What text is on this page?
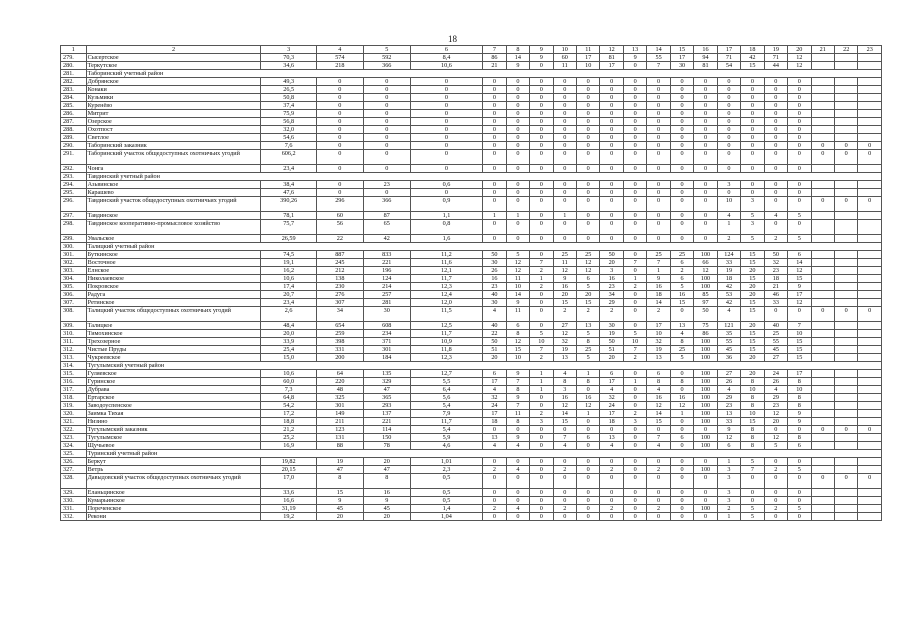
18
1	2	3	4	5	6	7	8	9	10	11	12	13	14	15	16	17	18	19	20	21	22	23
279.	Сысертское	70,3	574	592	8,4	86	14	9	60	17	81	9	55	17	94	71	42	71	12			
280.	Теркутское	34,6	218	366	10,6	21	9	0	11	10	17	0	7	30	81	54	15	44	12			
281.	Таборинский учетный район																					
282.	Добрянское	49,3	0	0	0	0	0	0	0	0	0	0	0	0	0	0	0	0	0			
283.	Конаки	26,5	0	0	0	0	0	0	0	0	0	0	0	0	0	0	0	0	0			
284.	Кузьмики	50,8	0	0	0	0	0	0	0	0	0	0	0	0	0	0	0	0	0			
285.	Куренёво	37,4	0	0	0	0	0	0	0	0	0	0	0	0	0	0	0	0	0			
286.	Митрит	75,9	0	0	0	0	0	0	0	0	0	0	0	0	0	0	0	0	0			
287.	Озерское	56,8	0	0	0	0	0	0	0	0	0	0	0	0	0	0	0	0	0			
288.	Охотпост	32,0	0	0	0	0	0	0	0	0	0	0	0	0	0	0	0	0	0			
289.	Светлое	54,6	0	0	0	0	0	0	0	0	0	0	0	0	0	0	0	0	0			
290.	Таборинский заказник	7,6	0	0	0	0	0	0	0	0	0	0	0	0	0	0	0	0	0	0	0	0
291.	Таборинский участок общедоступных охотничьих угодий	606,2	0	0	0	0	0	0	0	0	0	0	0	0	0	0	0	0	0	0	0	0
292.	Чонга	23,4	0	0	0	0	0	0	0	0	0	0	0	0	0	0	0	0	0			
293.	Тавдинский учетный район																					
294.	Азьвинское	38,4	0	23	0,6	0	0	0	0	0	0	0	0	0	0	3	0	0	0			
295.	Карашево	47,6	0	0	0	0	0	0	0	0	0	0	0	0	0	0	0	0	0			
296.	Тавдинский участок общедоступных охотничьих угодий	390,26	296	366	0,9	0	0	0	0	0	0	0	0	0	0	10	3	0	0	0	0	0
297.	Тавдинское	78,1	60	87	1,1	1	1	0	1	0	0	0	0	0	0	4	5	4	5			
298.	Тавдинское кооперативно-промысловое хозяйство	75,7	56	65	0,8	0	0	0	0	0	0	0	0	0	0	1	3	0	0			
299.	Увальское	26,59	22	42	1,6	0	0	0	0	0	0	0	0	0	0	2	5	2	5			
300.	Талицкий учетный район																					
301.	Буткинское	74,5	887	833	11,2	50	5	0	25	25	50	0	25	25	100	124	15	50	6			
302.	Восточное	19,1	245	221	11,6	30	12	7	11	12	20	7	7	6	66	33	15	32	14			
303.	Елнское	16,2	212	196	12,1	26	12	2	12	12	3	0	1	2	12	19	20	23	12			
304.	Николаевское	10,6	138	124	11,7	16	11	1	9	6	16	1	9	6	100	18	15	18	15			
305.	Покровское	17,4	230	214	12,3	23	10	2	16	5	23	2	16	5	100	42	20	21	9			
306.	Радуга	20,7	276	257	12,4	40	14	0	20	20	34	0	18	16	85	53	20	46	17			
307.	Ретинское	23,4	307	281	12,0	30	9	0	15	15	29	0	14	15	97	42	15	33	12			
308.	Талицкий участок общедоступных охотничьих угодий	2,6	34	30	11,5	4	11	0	2	2	2	0	2	0	50	4	15	0	0	0	0	0
309.	Талицкое	48,4	654	608	12,5	40	6	0	27	13	30	0	17	13	75	121	20	40	7			
310.	Тимохинское	20,0	259	234	11,7	22	8	5	12	5	19	5	10	4	86	35	15	25	10			
311.	Трехозерное	33,9	398	371	10,9	50	12	10	32	8	50	10	32	8	100	55	15	55	15			
312.	Чистые Пруды	25,4	331	301	11,8	51	15	7	19	25	51	7	19	25	100	45	15	45	15			
313.	Чукреевское	15,0	200	184	12,3	20	10	2	13	5	20	2	13	5	100	36	20	27	15			
314.	Тугулымский учетный район																					
315.	Гуляевское	10,6	64	135	12,7	6	9	1	4	1	6	0	6	0	100	27	20	24	17			
316.	Гуринское	60,0	220	329	5,5	17	7	1	8	8	17	1	8	8	100	26	8	26	8			
317.	Дубрава	7,3	48	47	6,4	4	8	1	3	0	4	0	4	0	100	4	10	4	10			
318.	Ертарское	64,8	325	365	5,6	32	9	0	16	16	32	0	16	16	100	29	8	29	8			
319.	Заводоуспенское	54,2	301	293	5,4	24	7	0	12	12	24	0	12	12	100	23	8	23	8			
320.	Заимка Тихая	17,2	149	137	7,9	17	11	2	14	1	17	2	14	1	100	13	10	12	9			
321.	Низино	18,8	211	221	11,7	18	8	3	15	0	18	3	15	0	100	33	15	20	9			
322.	Тугулымский заказник	21,2	123	114	5,4	0	0	0	0	0	0	0	0	0	0	9	8	0	0	0	0	0
323.	Тугулымское	25,2	131	150	5,9	13	9	0	7	6	13	0	7	6	100	12	8	12	8			
324.	Щучьевое	16,9	88	78	4,6	4	4	0	4	0	4	0	4	0	100	6	8	5	6			
325.	Туринский учетный район																					
326.	Беркут	19,82	19	20	1,01	0	0	0	0	0	0	0	0	0	0	1	5	0	0			
327.	Ветрь	20,15	47	47	2,3	2	4	0	2	0	2	0	2	0	100	3	7	2	5			
328.	Давыдовский участок общедоступных охотничьих угодий	17,0	8	8	0,5	0	0	0	0	0	0	0	0	0	0	3	0	0	0	0	0	0
329.	Еланьцинское	33,6	15	16	0,5	0	0	0	0	0	0	0	0	0	0	3	0	0	0			
330.	Кумарьинское	16,6	9	9	0,5	0	0	0	0	0	0	0	0	0	0	3	0	0	0			
331.	Пореченское	31,19	45	45	1,4	2	4	0	2	0	2	0	2	0	100	2	5	2	5			
332.	Рекони	19,2	20	20	1,04	0	0	0	0	0	0	0	0	0	0	1	5	0	0			
